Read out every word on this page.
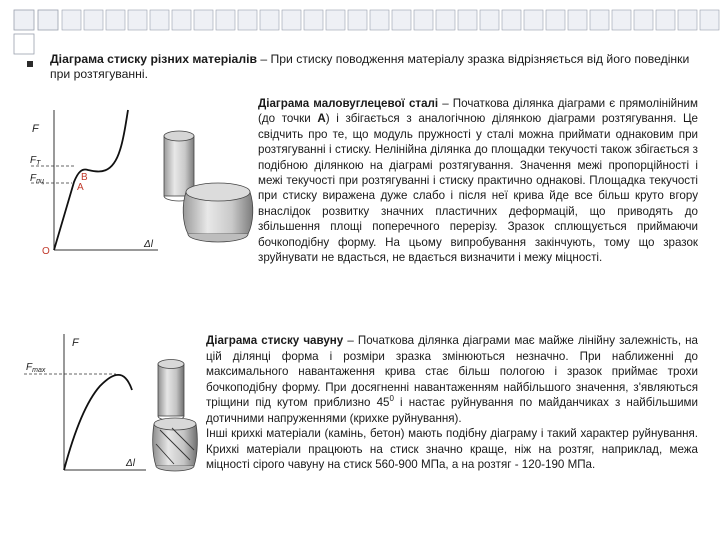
Діаграма стиску різних матеріалів – При стиску поводження матеріалу зразка відрізняється від його поведінки при розтягуванні.
F
$F_T$
$F_{пц}$	B
A
O
Δl
Діаграма маловуглецевої сталі – Початкова ділянка діаграми є прямолінійним (до точки А) і збігається з аналогічною ділянкою діаграми розтягування. Це свідчить про те, що модуль пружності у сталі можна приймати однаковим при розтягуванні і стиску. Нелінійна ділянка до площадки текучості також збігається з подібною ділянкою на діаграмі розтягування. Значення межі пропорційності і межі текучості при розтягуванні і стиску практично однакові. Площадка текучості при стиску виражена дуже слабо і після неї крива йде все більш круто вгору внаслідок розвитку значних пластичних деформацій, що приводять до збільшення площі поперечного перерізу. Зразок сплющується приймаючи бочкоподібну форму. На цьому випробування закінчують, тому що зразок зруйнувати не вдасться, не вдається визначити і межу міцності.
F
$F_{max}$
Δl
Діаграма стиску чавуну – Початкова ділянка діаграми має майже лінійну залежність, на цій ділянці форма і розміри зразка змінюються незначно. При наближенні до максимального навантаження крива стає більш пологою і зразок приймає трохи бочкоподібну форму. При досягненні навантаженням найбільшого значення, з'являються тріщини під кутом приблизно $45^0$ і настає руйнування по майданчиках з найбільшими дотичними напруженнями (крихке руйнування).
Інші крихкі матеріали (камінь, бетон) мають подібну діаграму і такий характер руйнування. Крихкі матеріали працюють на стиск значно краще, ніж на розтяг, наприклад, межа міцності сірого чавуну на стиск 560-900 МПа, а на розтяг - 120-190 МПа.
